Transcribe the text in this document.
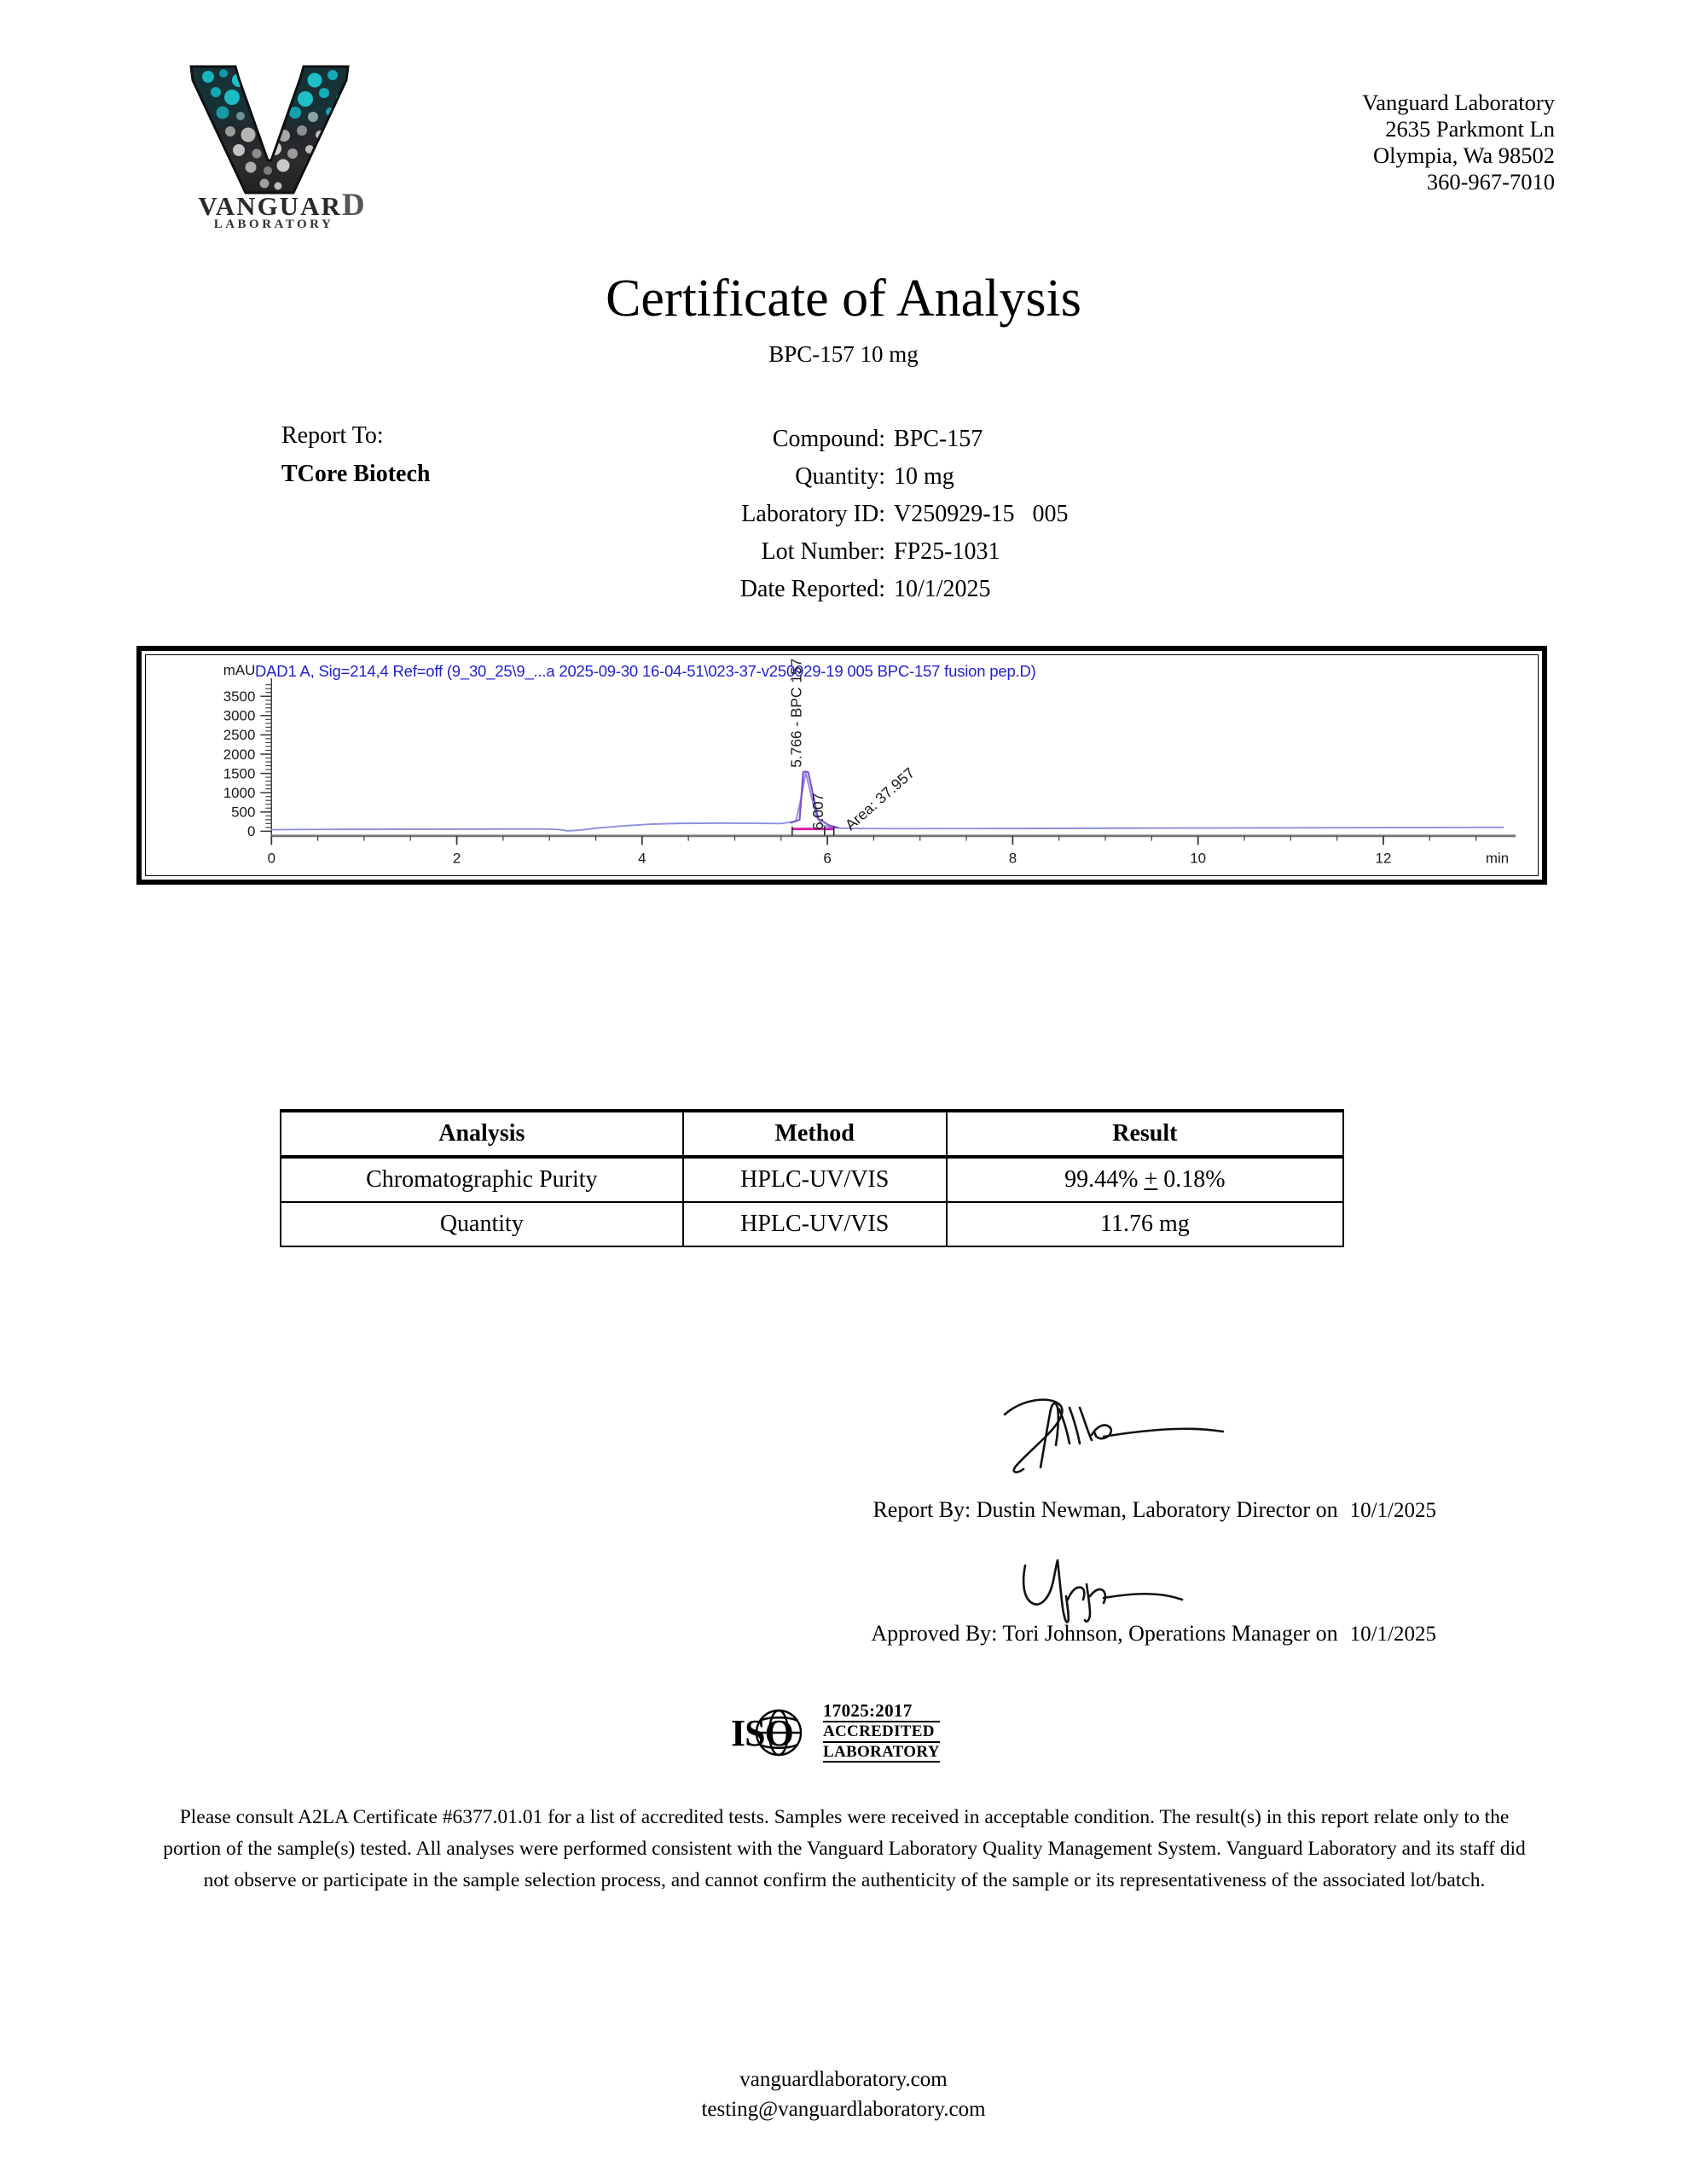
VANGUARD
LABORATORY
Vanguard Laboratory
2635 Parkmont Ln
Olympia, Wa 98502
360-967-7010
Certificate of Analysis
BPC-157 10 mg
Report To:
TCore Biotech
Compound: BPC-157
Quantity: 10 mg
Laboratory ID: V250929-15   005
Lot Number: FP25-1031
Date Reported: 10/1/2025
DAD1 A, Sig=214,4 Ref=off (9_30_25\9_...a 2025-09-30 16-04-51\023-37-v250929-19 005 BPC-157 fusion pep.D)
0
500
1000
1500
2000
2500
3000
3500
mAU
0	2	4	6	8	10	12	min
5.766 - BPC 157
6.007 Area: 37.957
Analysis	Method	Result
Chromatographic Purity	HPLC-UV/VIS	99.44% + 0.18%
Quantity	HPLC-UV/VIS	11.76 mg
Report By: Dustin Newman, Laboratory Director on 10/1/2025
Approved By: Tori Johnson, Operations Manager on 10/1/2025
ISO
17025:2017
ACCREDITED
LABORATORY
Please consult A2LA Certificate #6377.01.01 for a list of accredited tests. Samples were received in acceptable condition. The result(s) in this report relate only to the portion of the sample(s) tested. All analyses were performed consistent with the Vanguard Laboratory Quality Management System. Vanguard Laboratory and its staff did not observe or participate in the sample selection process, and cannot confirm the authenticity of the sample or its representativeness of the associated lot/batch.
vanguardlaboratory.com
testing@vanguardlaboratory.com
